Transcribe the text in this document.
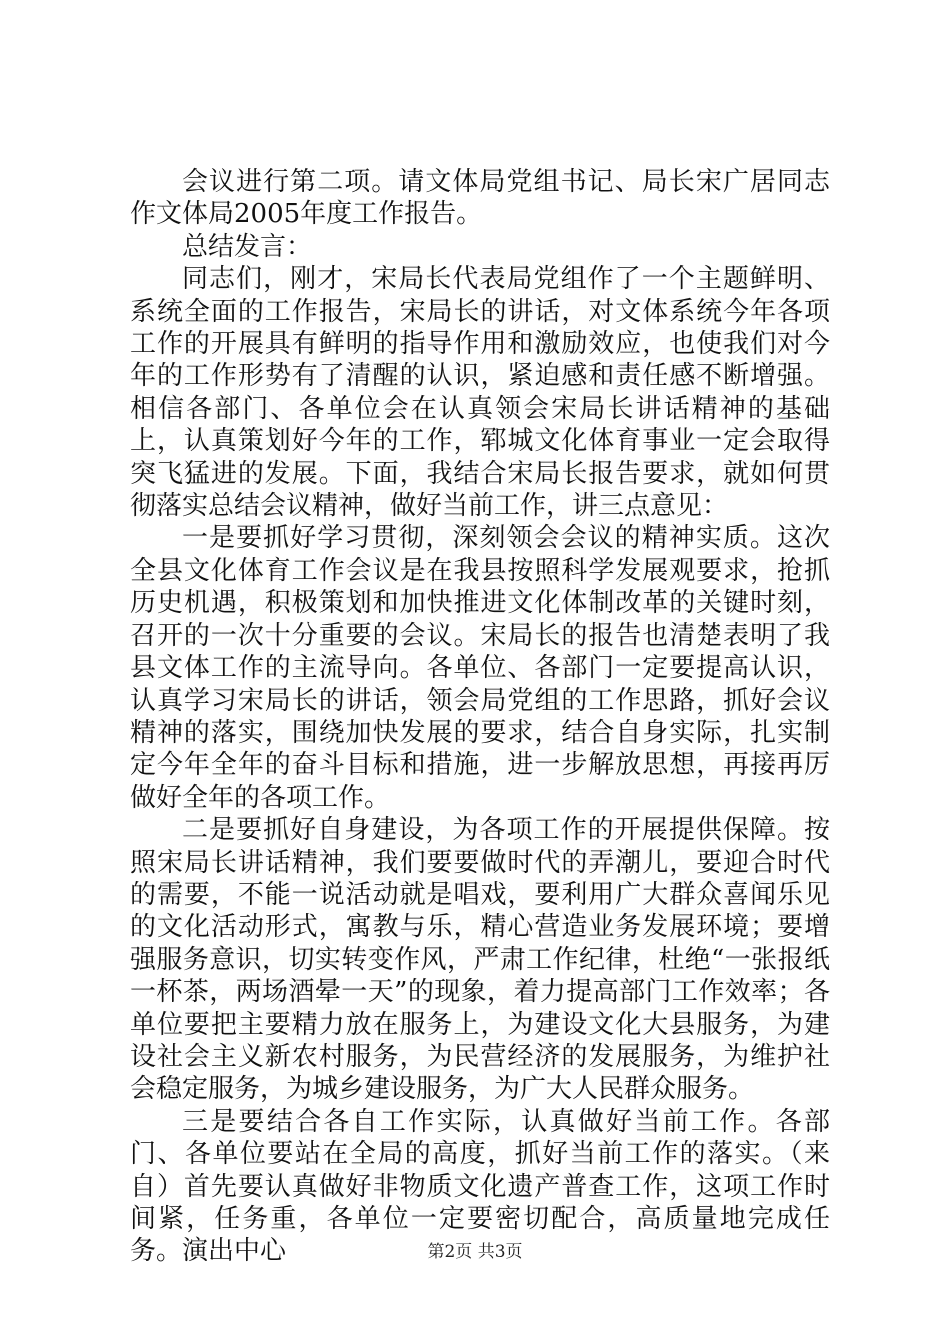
会议进行第二项。请文体局党组书记、局长宋广居同志作文体局2005年度工作报告。

总结发言：

同志们，刚才，宋局长代表局党组作了一个主题鲜明、系统全面的工作报告，宋局长的讲话，对文体系统今年各项工作的开展具有鲜明的指导作用和激励效应，也使我们对今年的工作形势有了清醒的认识，紧迫感和责任感不断增强。相信各部门、各单位会在认真领会宋局长讲话精神的基础上，认真策划好今年的工作，郓城文化体育事业一定会取得突飞猛进的发展。下面，我结合宋局长报告要求，就如何贯彻落实总结会议精神，做好当前工作，讲三点意见：

一是要抓好学习贯彻，深刻领会会议的精神实质。这次全县文化体育工作会议是在我县按照科学发展观要求，抢抓历史机遇，积极策划和加快推进文化体制改革的关键时刻，召开的一次十分重要的会议。宋局长的报告也清楚表明了我县文体工作的主流导向。各单位、各部门一定要提高认识，认真学习宋局长的讲话，领会局党组的工作思路，抓好会议精神的落实，围绕加快发展的要求，结合自身实际，扎实制定今年全年的奋斗目标和措施，进一步解放思想，再接再厉做好全年的各项工作。

二是要抓好自身建设，为各项工作的开展提供保障。按照宋局长讲话精神，我们要要做时代的弄潮儿，要迎合时代的需要，不能一说活动就是唱戏，要利用广大群众喜闻乐见的文化活动形式，寓教与乐，精心营造业务发展环境；要增强服务意识，切实转变作风，严肃工作纪律，杜绝“一张报纸一杯茶，两场酒晕一天”的现象，着力提高部门工作效率；各单位要把主要精力放在服务上，为建设文化大县服务，为建设社会主义新农村服务，为民营经济的发展服务，为维护社会稳定服务，为城乡建设服务，为广大人民群众服务。

三是要结合各自工作实际，认真做好当前工作。各部门、各单位要站在全局的高度，抓好当前工作的落实。（来自）首先要认真做好非物质文化遗产普查工作，这项工作时间紧，任务重，各单位一定要密切配合，高质量地完成任务。演出中心	第2页 共3页
